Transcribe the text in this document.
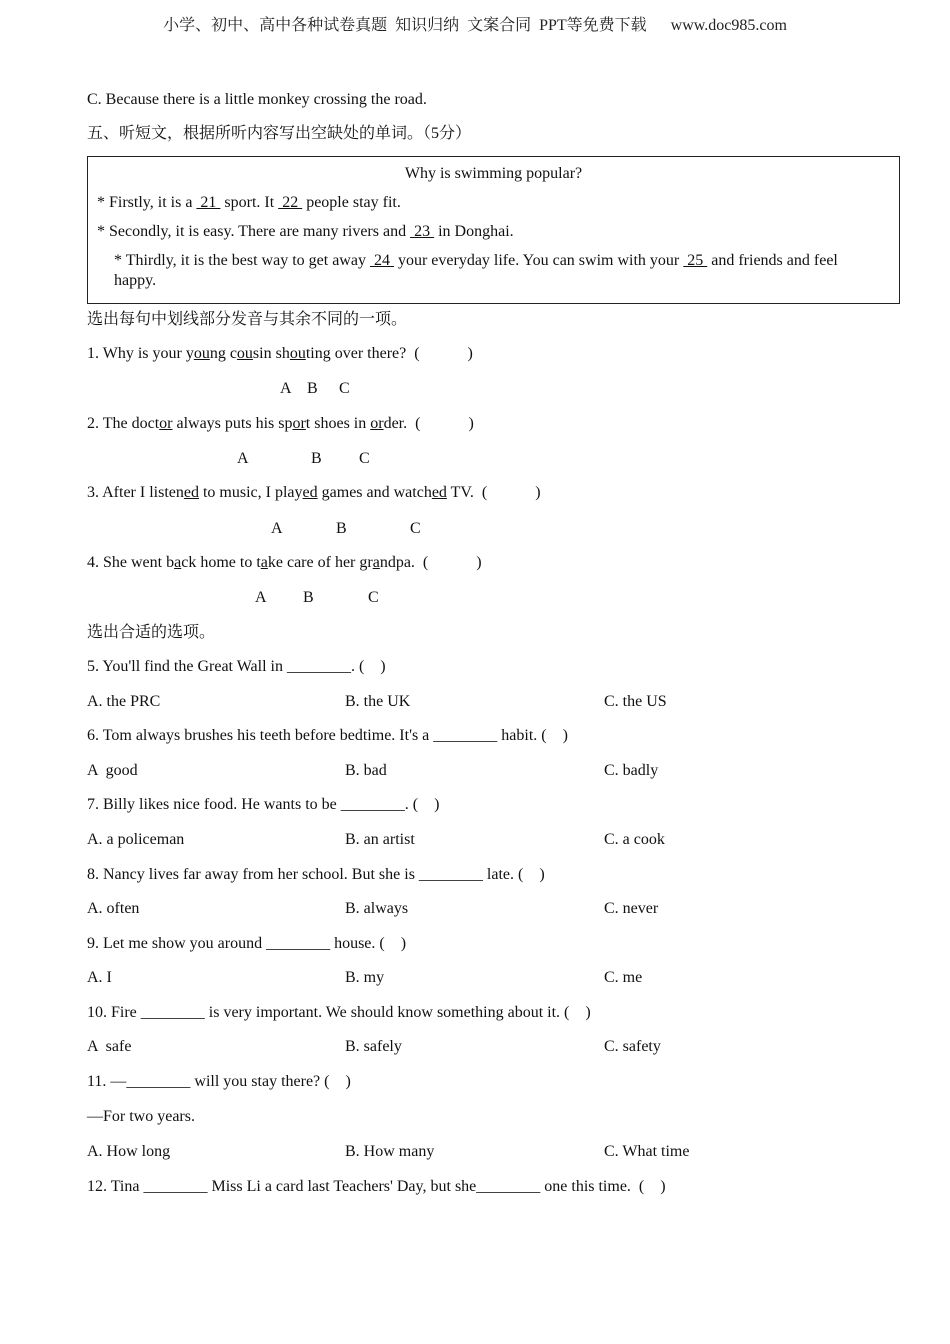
小学、初中、高中各种试卷真题  知识归纳  文案合同  PPT等免费下载      www.doc985.com
C. Because there is a little monkey crossing the road.
五、听短文，根据所听内容写出空缺处的单词。（5分）
Why is swimming popular?
* Firstly, it is a  21  sport. It  22  people stay fit.
* Secondly, it is easy. There are many rivers and  23  in Donghai.
* Thirdly, it is the best way to get away  24  your everyday life. You can swim with your  25  and friends and feel
happy.
选出每句中划线部分发音与其余不同的一项。
1. Why is your young cousin shouting over there?  (            )
A B C
2. The doctor always puts his sport shoes in order.  (            )
A	B C
3. After I listened to music, I played games and watched TV.  (            )
A	B	C
4. She went back home to take care of her grandpa.  (            )
A B	C
选出合适的选项。
5. You'll find the Great Wall in ________. (    )
A. the PRC	B. the UK	C. the US
6. Tom always brushes his teeth before bedtime. It's a ________ habit. (    )
A  good	B. bad	C. badly
7. Billy likes nice food. He wants to be ________. (    )
A. a policeman	B. an artist	C. a cook
8. Nancy lives far away from her school. But she is ________ late. (    )
A. often	B. always	C. never
9. Let me show you around ________ house. (    )
A. I	B. my	C. me
10. Fire ________ is very important. We should know something about it. (    )
A  safe	B. safely	C. safety
11. —________ will you stay there? (    )
—For two years.
A. How long	B. How many	C. What time
12. Tina ________ Miss Li a card last Teachers' Day, but she________ one this time.  (    )
